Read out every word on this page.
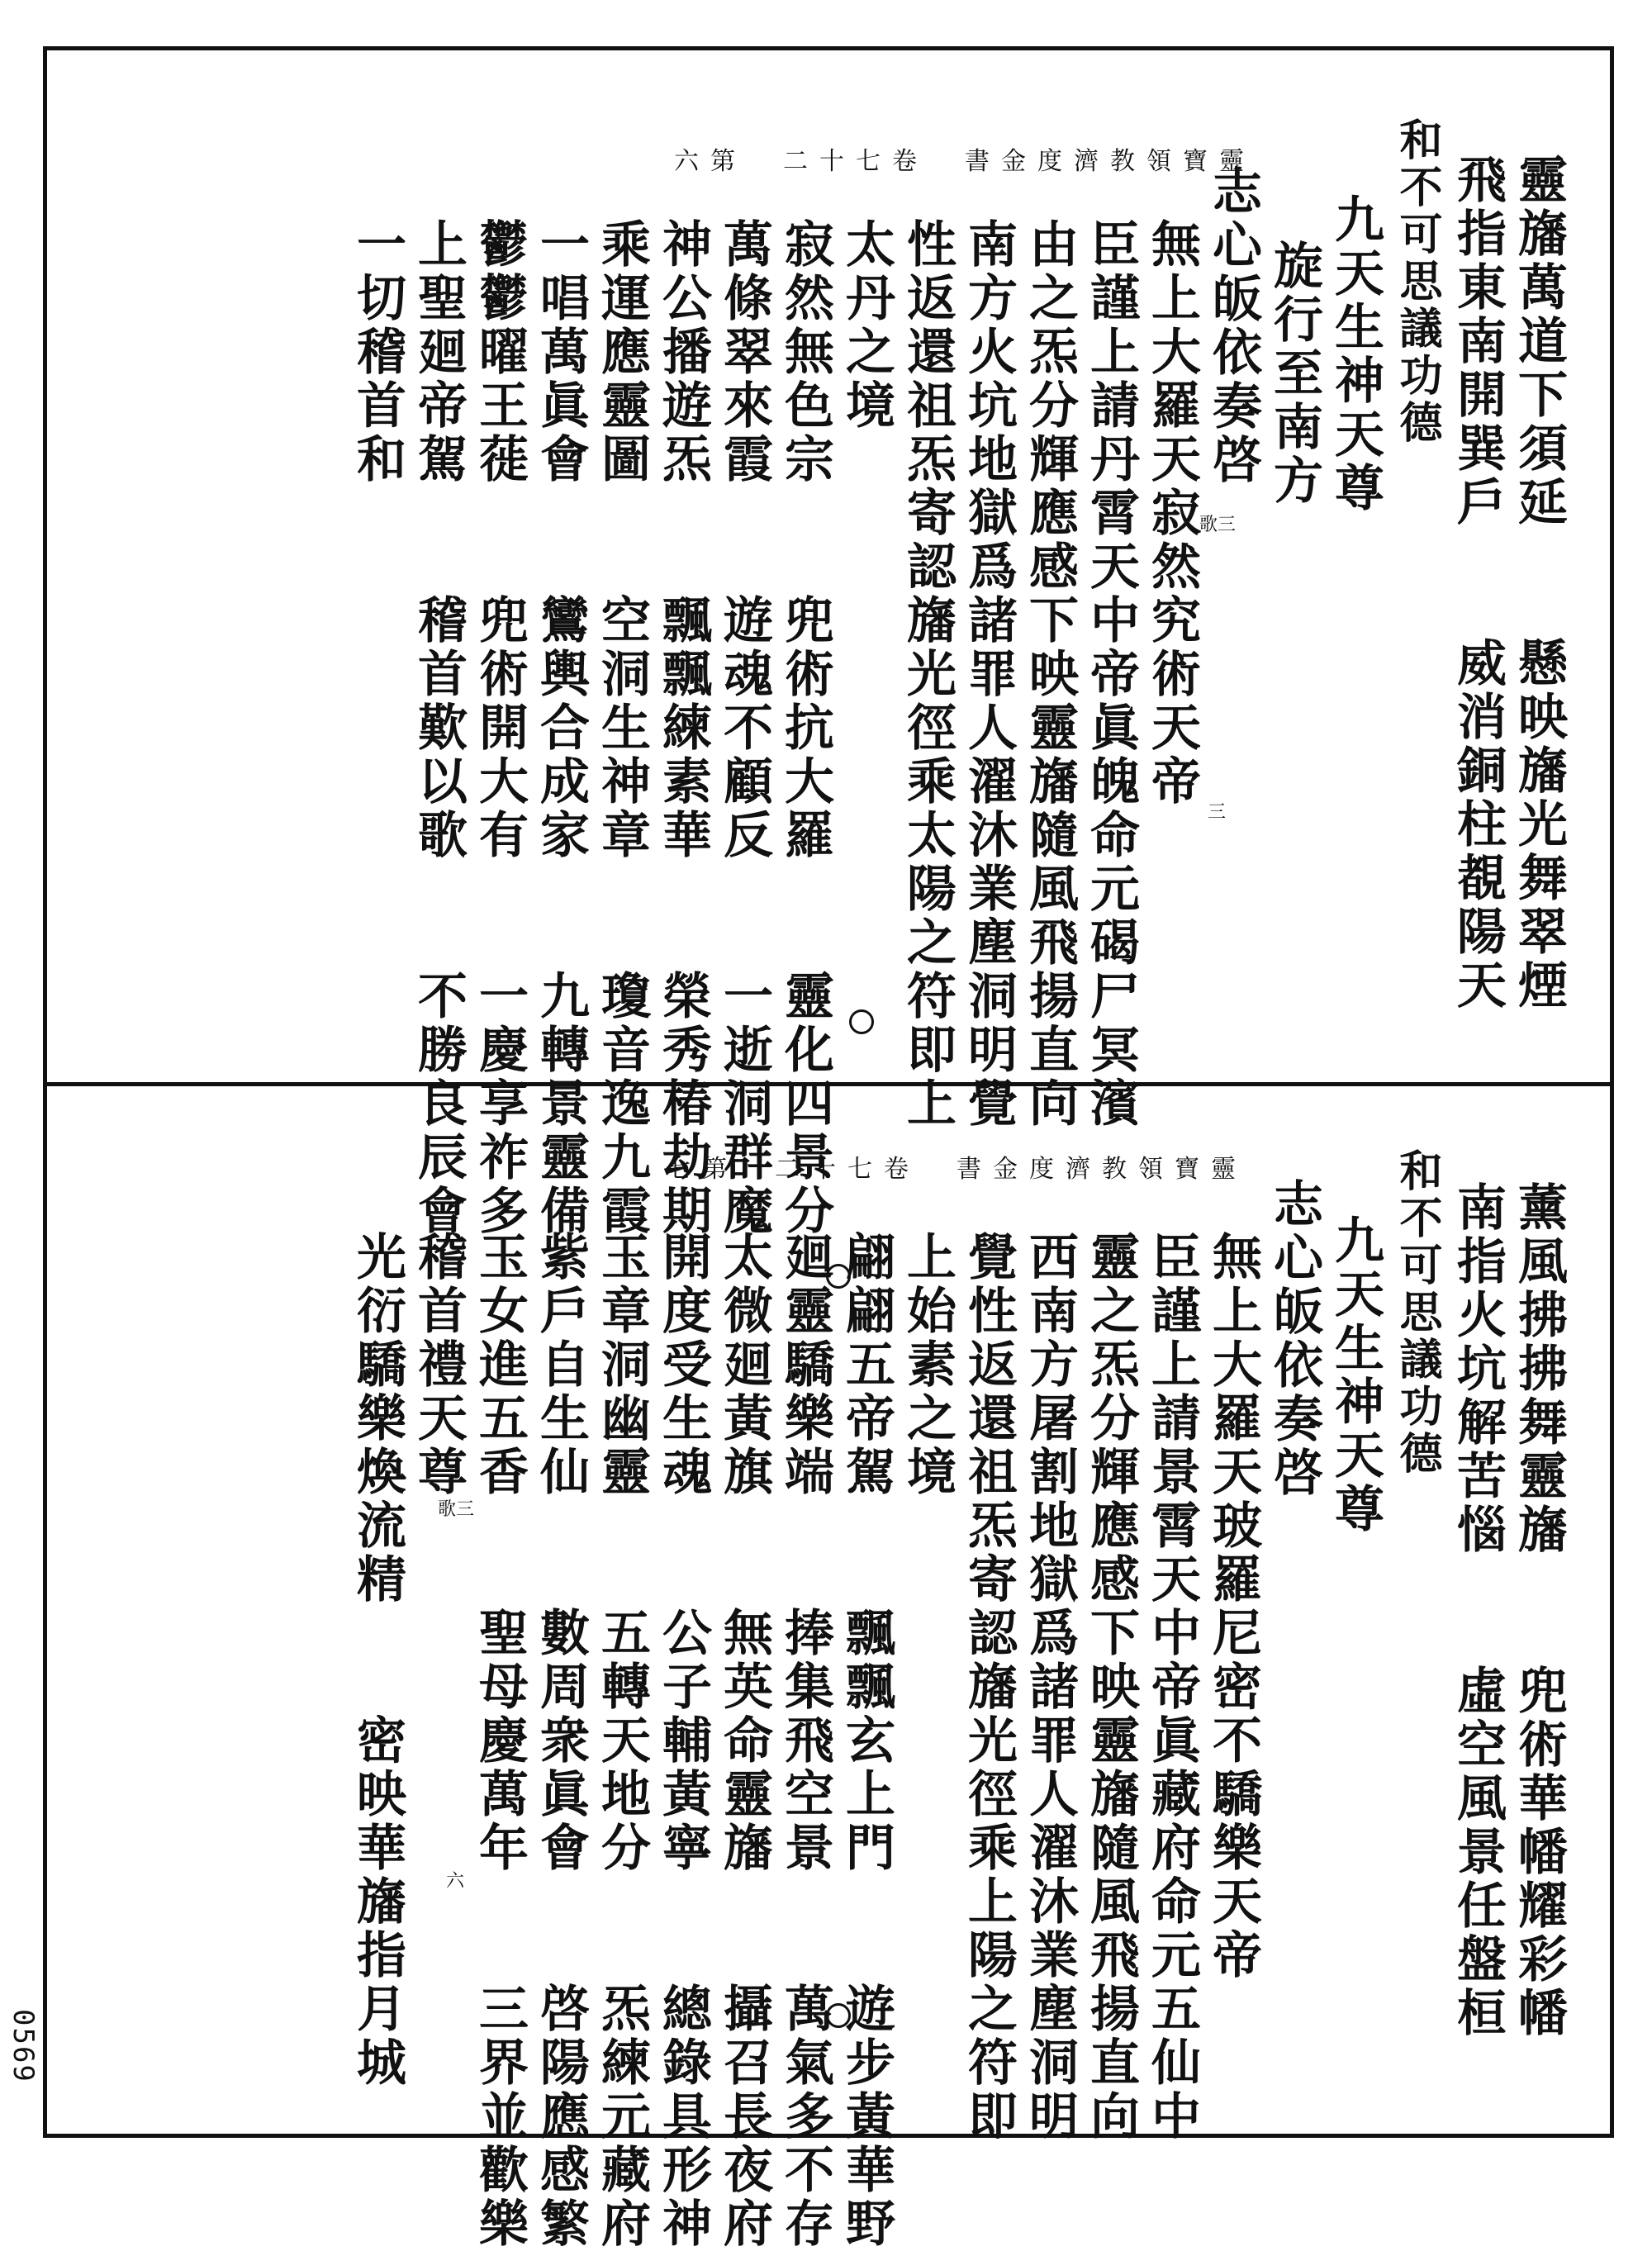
靈寶領教濟度金書　卷七十二　第六	靈旛萬道下須延　　懸映旛光舞翠煙
飛指東南開巽戶　　威消銅柱覩陽天
和不可思議功德
九天生神天尊
旋行至南方
志心皈依奏啓
無上大羅天寂然究術天帝
臣謹上請丹霄天中帝眞魄命元碣尸冥濱
由之炁分輝應感下映靈旛隨風飛揚直向
南方火坑地獄爲諸罪人濯沐業塵洞明覺
性返還祖炁寄認旛光徑乘太陽之符即上
太丹之境
寂然無色宗　　兜術抗大羅　　靈化四景分
萬條翠來霞　　遊魂不顧反　　一逝洞群魔
神公播遊炁　　飄飄練素華　　榮秀椿劫期
乘運應靈圖　　空洞生神章　　瓊音逸九霞
一唱萬眞會　　鸞輿合成家　　九轉景靈備
鬱鬱曜王蓰　　兜術開大有　　一慶享祚多
上聖廻帝駕　　稽首歎以歌　　不勝良辰會
一切稽首和
歌三
三
靈寶領教濟度金書　卷七十二　第七
薰風拂拂舞靈旛　　兜術華幡耀彩幡
南指火坑解苦惱　　虛空風景任盤桓
和不可思議功德
九天生神天尊
志心皈依奏啓
無上大羅天玻羅尼密不驕樂天帝
臣謹上請景霄天中帝眞藏府命元五仙中
靈之炁分輝應感下映靈旛隨風飛揚直向
西南方屠割地獄爲諸罪人濯沐業塵洞明
覺性返還祖炁寄認旛光徑乘上陽之符即
上始素之境
翩翩五帝駕　　飄飄玄上門　　遊步黃華野
廻靈驕樂端　　捧集飛空景　　萬氣多不存
太微廻黃旗　　無英命靈旛　　攝召長夜府
開度受生魂　　公子輔黃寧　　總錄具形神
玉章洞幽靈　　五轉天地分　　炁練元藏府
紫戶自生仙　　數周衆眞會　　啓陽應感繁
玉女進五香　　聖母慶萬年　　三界並歡樂
稽首禮天尊
光衍驕樂煥流精　　密映華旛指月城 歌三
六
0569
